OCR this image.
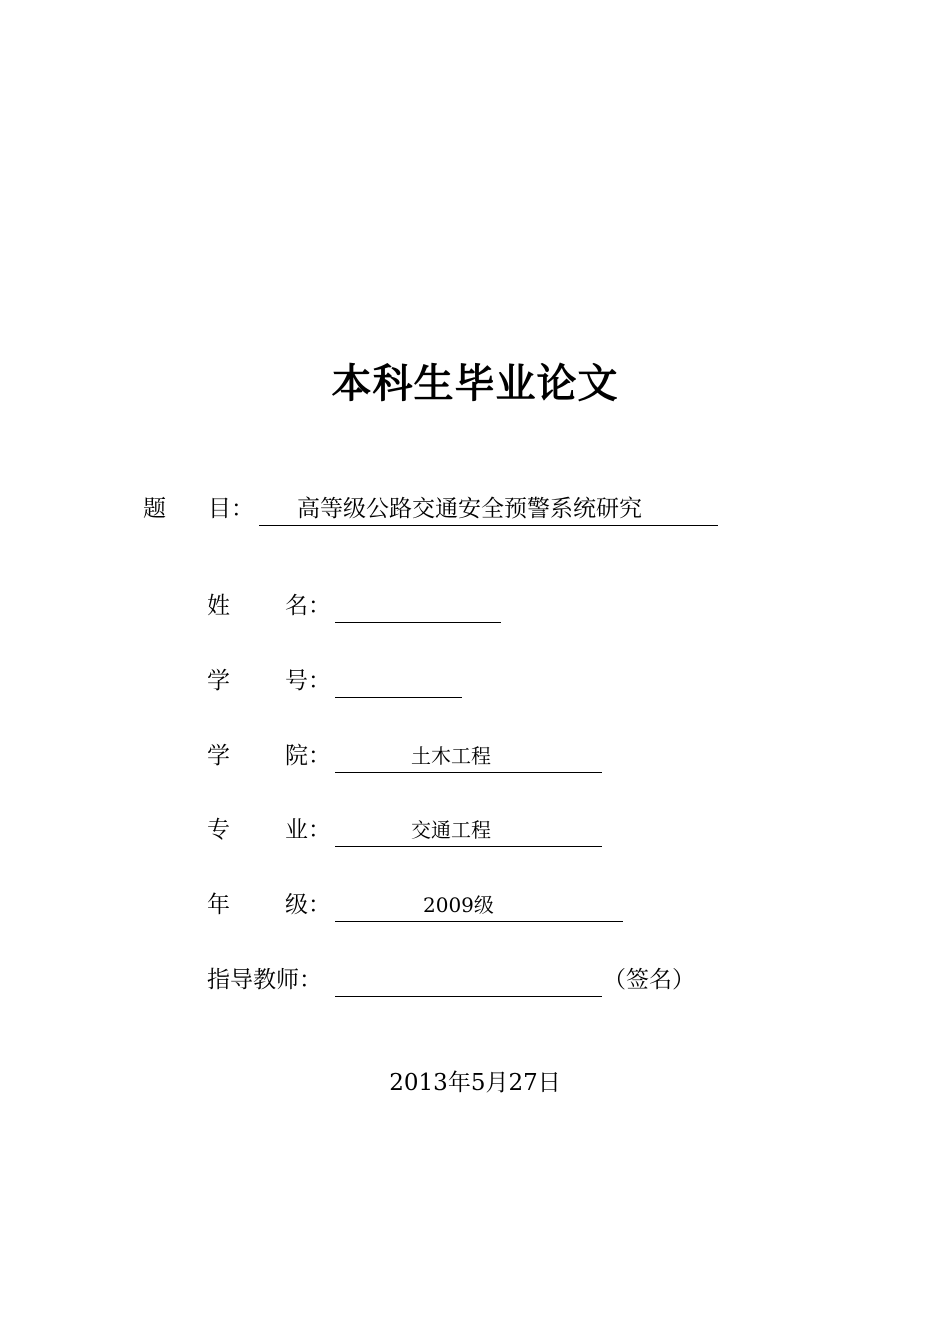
本科生毕业论文
题 目： 高等级公路交通安全预警系统研究
姓 名：
学 号：
学 院：	土木工程
专 业：	交通工程
年 级：	2009级
指导教师：	（签名）
2013年5月27日
